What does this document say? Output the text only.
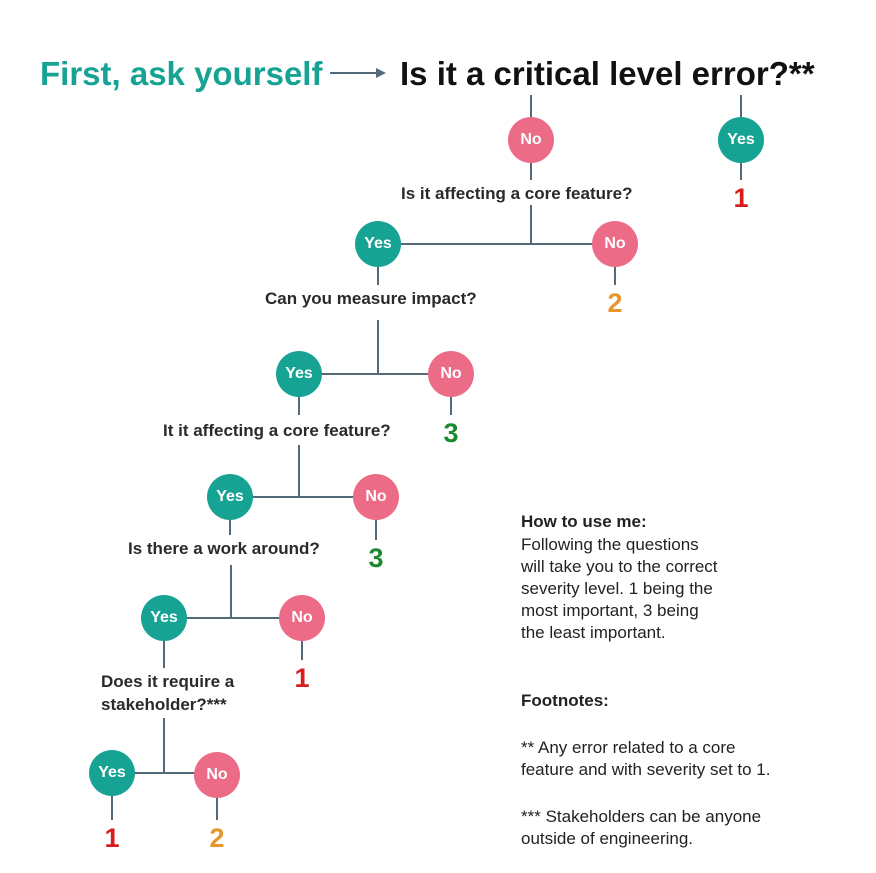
First, ask yourself Is it a critical level error?**
No	Yes
1
Is it affecting a core feature?
Yes	No
2
Can you measure impact?
Yes	No
3
It it affecting a core feature?
Yes	No
3
Is there a work around?
Yes	No
1
Does it require a
stakeholder?***
Yes	No
1	2
How to use me:
Following the questions
will take you to the correct
severity level. 1 being the
most important, 3 being
the least important.
Footnotes:
** Any error related to a core
feature and with severity set to 1.
*** Stakeholders can be anyone
outside of engineering.
